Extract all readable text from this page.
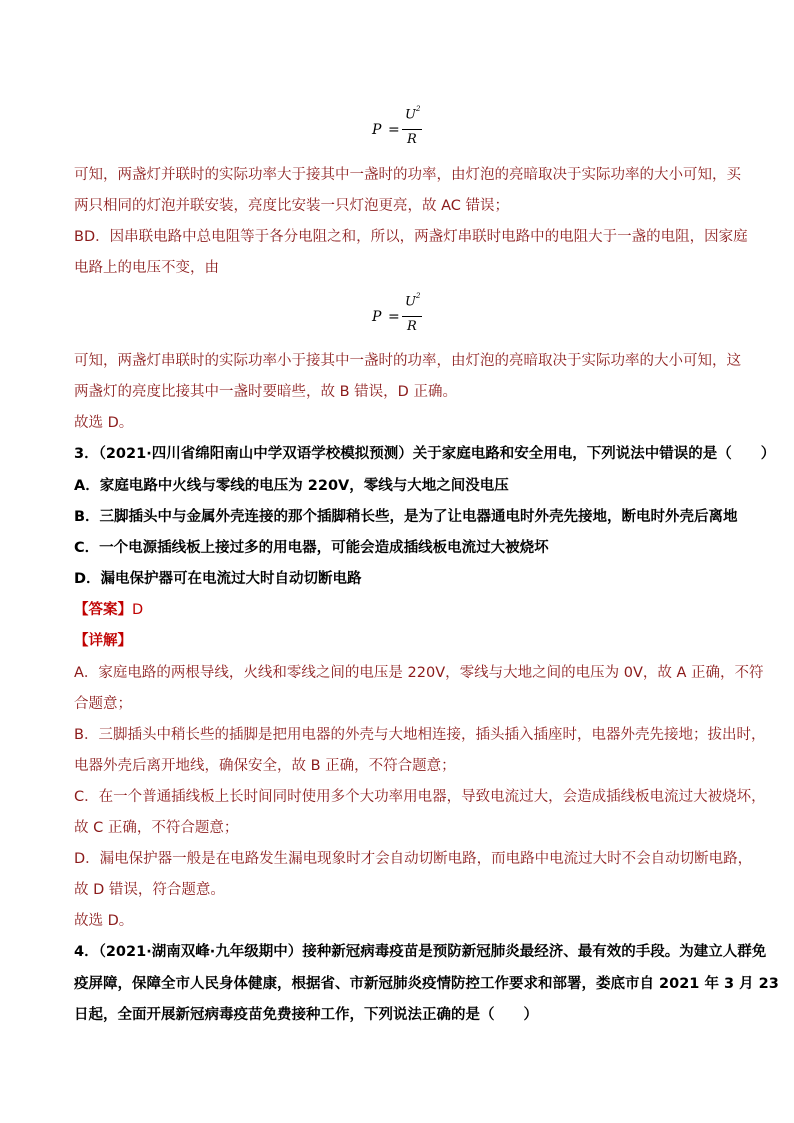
P =
$U^2$
R
可知，两盏灯并联时的实际功率大于接其中一盏时的功率，由灯泡的亮暗取决于实际功率的大小可知，买
两只相同的灯泡并联安装，亮度比安装一只灯泡更亮，故 AC 错误；
BD．因串联电路中总电阻等于各分电阻之和，所以，两盏灯串联时电路中的电阻大于一盏的电阻，因家庭
电路上的电压不变，由
P =
$U^2$
R
可知，两盏灯串联时的实际功率小于接其中一盏时的功率，由灯泡的亮暗取决于实际功率的大小可知，这
两盏灯的亮度比接其中一盏时要暗些，故 B 错误，D 正确。
故选 D。
3．（2021·四川省绵阳南山中学双语学校模拟预测）关于家庭电路和安全用电，下列说法中错误的是（　　）
A．家庭电路中火线与零线的电压为 220V，零线与大地之间没电压
B．三脚插头中与金属外壳连接的那个插脚稍长些，是为了让电器通电时外壳先接地，断电时外壳后离地
C．一个电源插线板上接过多的用电器，可能会造成插线板电流过大被烧坏
D．漏电保护器可在电流过大时自动切断电路
【答案】D
【详解】
A．家庭电路的两根导线，火线和零线之间的电压是 220V，零线与大地之间的电压为 0V，故 A 正确，不符
合题意；
B．三脚插头中稍长些的插脚是把用电器的外壳与大地相连接，插头插入插座时，电器外壳先接地；拔出时，
电器外壳后离开地线，确保安全，故 B 正确，不符合题意；
C．在一个普通插线板上长时间同时使用多个大功率用电器，导致电流过大，会造成插线板电流过大被烧坏，
故 C 正确，不符合题意；
D．漏电保护器一般是在电路发生漏电现象时才会自动切断电路，而电路中电流过大时不会自动切断电路，
故 D 错误，符合题意。
故选 D。
4．（2021·湖南双峰·九年级期中）接种新冠病毒疫苗是预防新冠肺炎最经济、最有效的手段。为建立人群免
疫屏障，保障全市人民身体健康，根据省、市新冠肺炎疫情防控工作要求和部署，娄底市自 2021 年 3 月 23
日起，全面开展新冠病毒疫苗免费接种工作，下列说法正确的是（　　）
